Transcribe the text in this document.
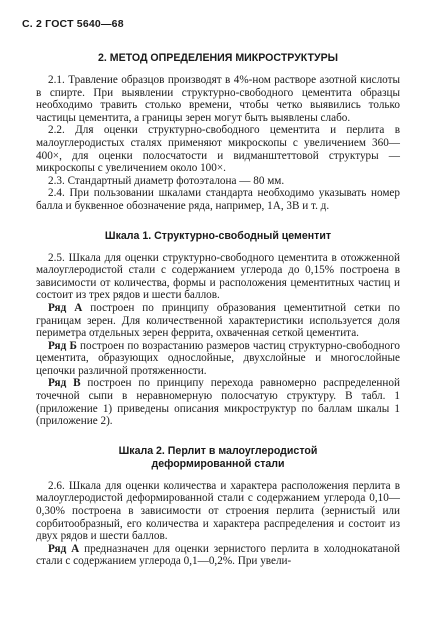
С. 2 ГОСТ 5640—68
2. МЕТОД ОПРЕДЕЛЕНИЯ МИКРОСТРУКТУРЫ

2.1. Травление образцов производят в 4%-ном растворе азотной кислоты в спирте. При выявлении структурно-свободного цементита образцы необходимо травить столько времени, чтобы четко выявились только частицы цементита, а границы зерен могут быть выявлены слабо.

2.2. Для оценки структурно-свободного цементита и перлита в малоуглеродистых сталях применяют микроскопы с увеличением 360—400×, для оценки полосчатости и видманштеттовой структуры — микроскопы с увеличением около 100×.

2.3. Стандартный диаметр фотоэталона — 80 мм.

2.4. При пользовании шкалами стандарта необходимо указывать номер балла и буквенное обозначение ряда, например, 1А, 3В и т. д.

Шкала 1. Структурно-свободный цементит

2.5. Шкала для оценки структурно-свободного цементита в отожженной малоуглеродистой стали с содержанием углерода до 0,15% построена в зависимости от количества, формы и расположения цементитных частиц и состоит из трех рядов и шести баллов.

Ряд А построен по принципу образования цементитной сетки по границам зерен. Для количественной характеристики используется доля периметра отдельных зерен феррита, охваченная сеткой цементита.

Ряд Б построен по возрастанию размеров частиц структурно-свободного цементита, образующих однослойные, двухслойные и многослойные цепочки различной протяженности.

Ряд В построен по принципу перехода равномерно распределенной точечной сыпи в неравномерную полосчатую структуру. В табл. 1 (приложение 1) приведены описания микроструктур по баллам шкалы 1 (приложение 2).

Шкала 2. Перлит в малоуглеродистой
деформированной стали

2.6. Шкала для оценки количества и характера расположения перлита в малоуглеродистой деформированной стали с содержанием углерода 0,10—0,30% построена в зависимости от строения перлита (зернистый или сорбитообразный, его количества и характера распределения и состоит из двух рядов и шести баллов.

Ряд А предназначен для оценки зернистого перлита в холоднокатаной стали с содержанием углерода 0,1—0,2%. При увели-
